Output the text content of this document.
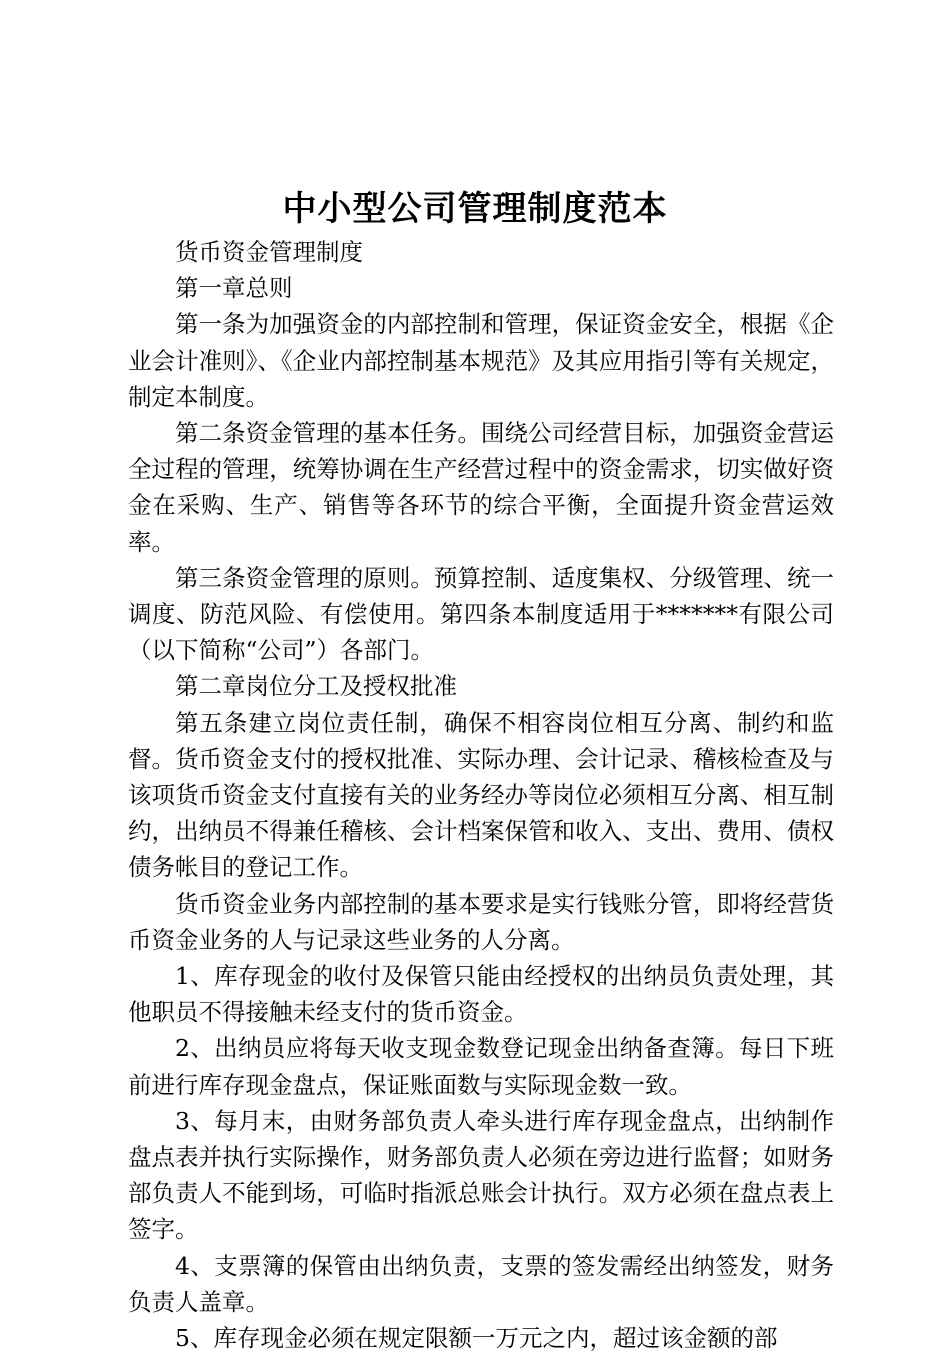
中小型公司管理制度范本

货币资金管理制度

第一章总则

第一条为加强资金的内部控制和管理，保证资金安全，根据《企业会计准则》、《企业内部控制基本规范》及其应用指引等有关规定，制定本制度。

第二条资金管理的基本任务。围绕公司经营目标，加强资金营运全过程的管理，统筹协调在生产经营过程中的资金需求，切实做好资金在采购、生产、销售等各环节的综合平衡，全面提升资金营运效率。

第三条资金管理的原则。预算控制、适度集权、分级管理、统一调度、防范风险、有偿使用。第四条本制度适用于*******有限公司（以下简称“公司”）各部门。

第二章岗位分工及授权批准

第五条建立岗位责任制，确保不相容岗位相互分离、制约和监督。货币资金支付的授权批准、实际办理、会计记录、稽核检查及与该项货币资金支付直接有关的业务经办等岗位必须相互分离、相互制约，出纳员不得兼任稽核、会计档案保管和收入、支出、费用、债权债务帐目的登记工作。

货币资金业务内部控制的基本要求是实行钱账分管，即将经营货币资金业务的人与记录这些业务的人分离。

1、库存现金的收付及保管只能由经授权的出纳员负责处理，其他职员不得接触未经支付的货币资金。

2、出纳员应将每天收支现金数登记现金出纳备查簿。每日下班前进行库存现金盘点，保证账面数与实际现金数一致。

3、每月末，由财务部负责人牵头进行库存现金盘点，出纳制作盘点表并执行实际操作，财务部负责人必须在旁边进行监督；如财务部负责人不能到场，可临时指派总账会计执行。双方必须在盘点表上签字。

4、支票簿的保管由出纳负责，支票的签发需经出纳签发，财务负责人盖章。

5、库存现金必须在规定限额一万元之内，超过该金额的部
